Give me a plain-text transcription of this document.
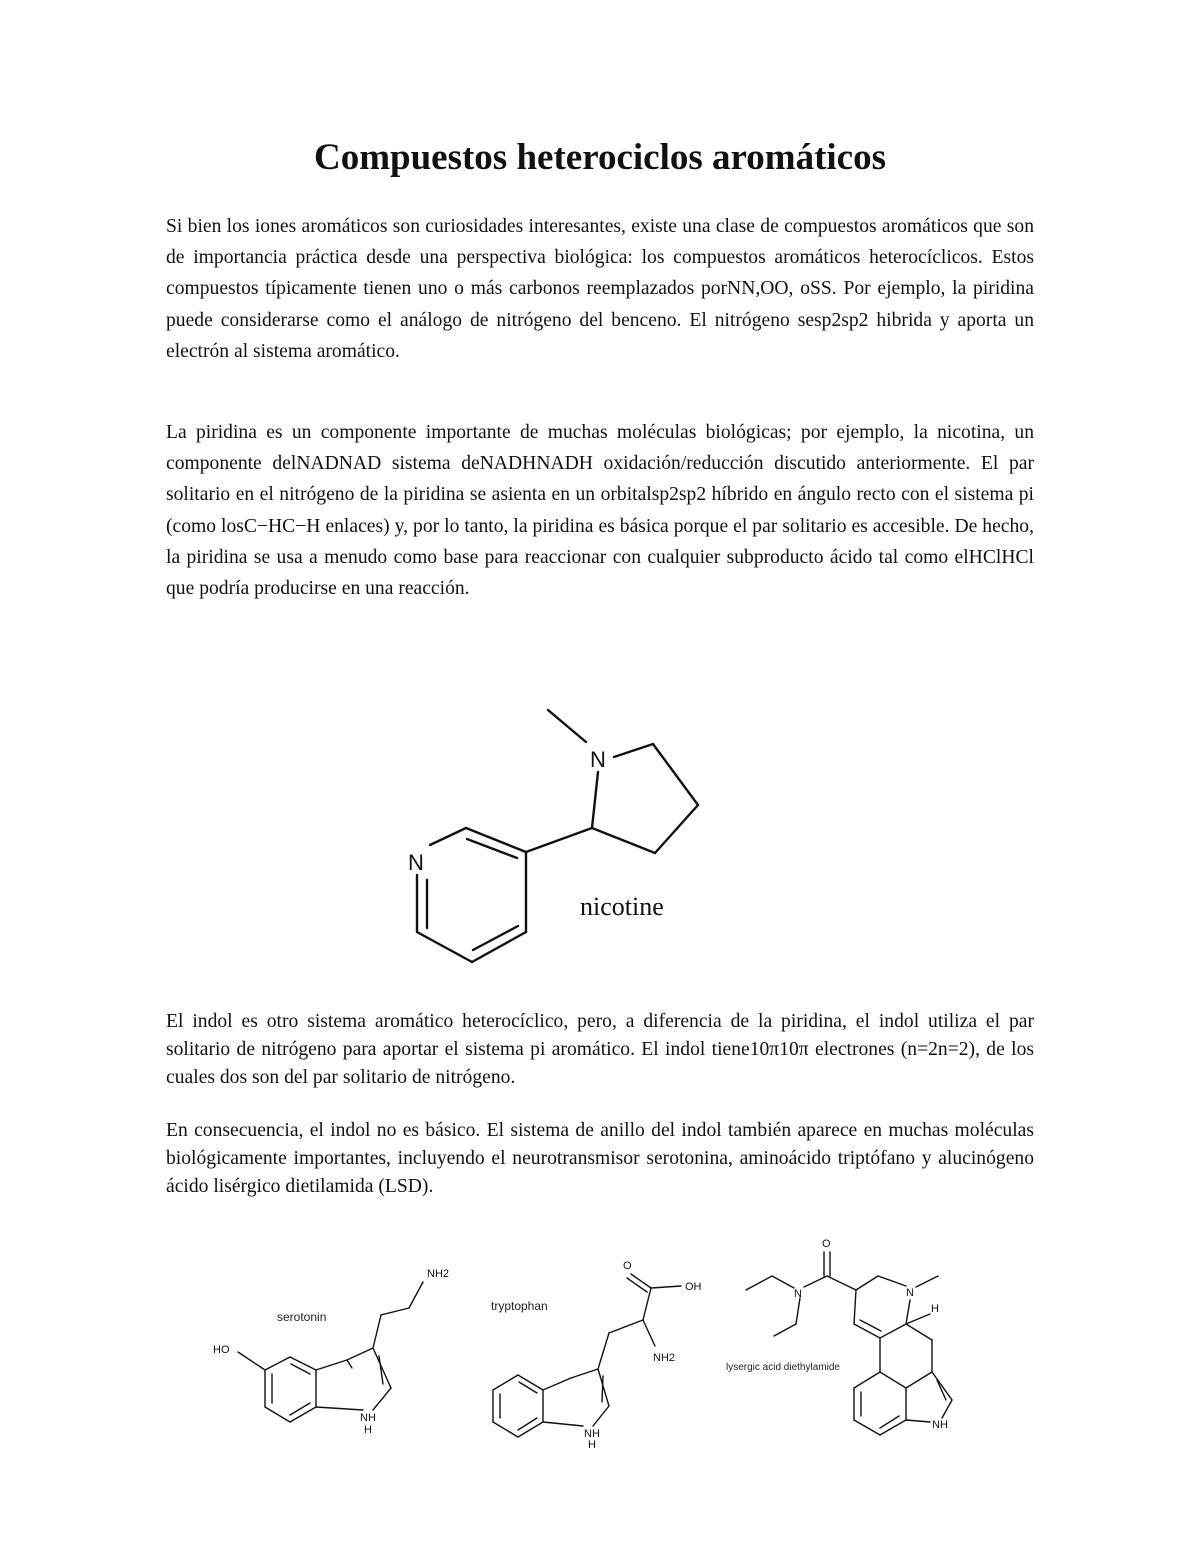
Compuestos heterociclos aromáticos

Si bien los iones aromáticos son curiosidades interesantes, existe una clase de compuestos aromáticos que son de importancia práctica desde una perspectiva biológica: los compuestos aromáticos heterocíclicos. Estos compuestos típicamente tienen uno o más carbonos reemplazados porNN,OO, oSS. Por ejemplo, la piridina puede considerarse como el análogo de nitrógeno del benceno. El nitrógeno sesp2sp2 hibrida y aporta un electrón al sistema aromático.

La piridina es un componente importante de muchas moléculas biológicas; por ejemplo, la nicotina, un componente delNADNAD sistema deNADHNADH oxidación/reducción discutido anteriormente. El par solitario en el nitrógeno de la piridina se asienta en un orbitalsp2sp2 híbrido en ángulo recto con el sistema pi (como losC−HC−H enlaces) y, por lo tanto, la piridina es básica porque el par solitario es accesible. De hecho, la piridina se usa a menudo como base para reaccionar con cualquier subproducto ácido tal como elHClHCl que podría producirse en una reacción.

N
N
nicotine

El indol es otro sistema aromático heterocíclico, pero, a diferencia de la piridina, el indol utiliza el par solitario de nitrógeno para aportar el sistema pi aromático. El indol tiene10π10π electrones (n=2n=2), de los cuales dos son del par solitario de nitrógeno.

En consecuencia, el indol no es básico. El sistema de anillo del indol también aparece en muchas moléculas biológicamente importantes, incluyendo el neurotransmisor serotonina, aminoácido triptófano y alucinógeno ácido lisérgico dietilamida (LSD).

serotonin
NH2
HO
NH
H
tryptophan
O
OH
NH2
NH
H
O
N	N
H
lysergic acid diethylamide
NH
